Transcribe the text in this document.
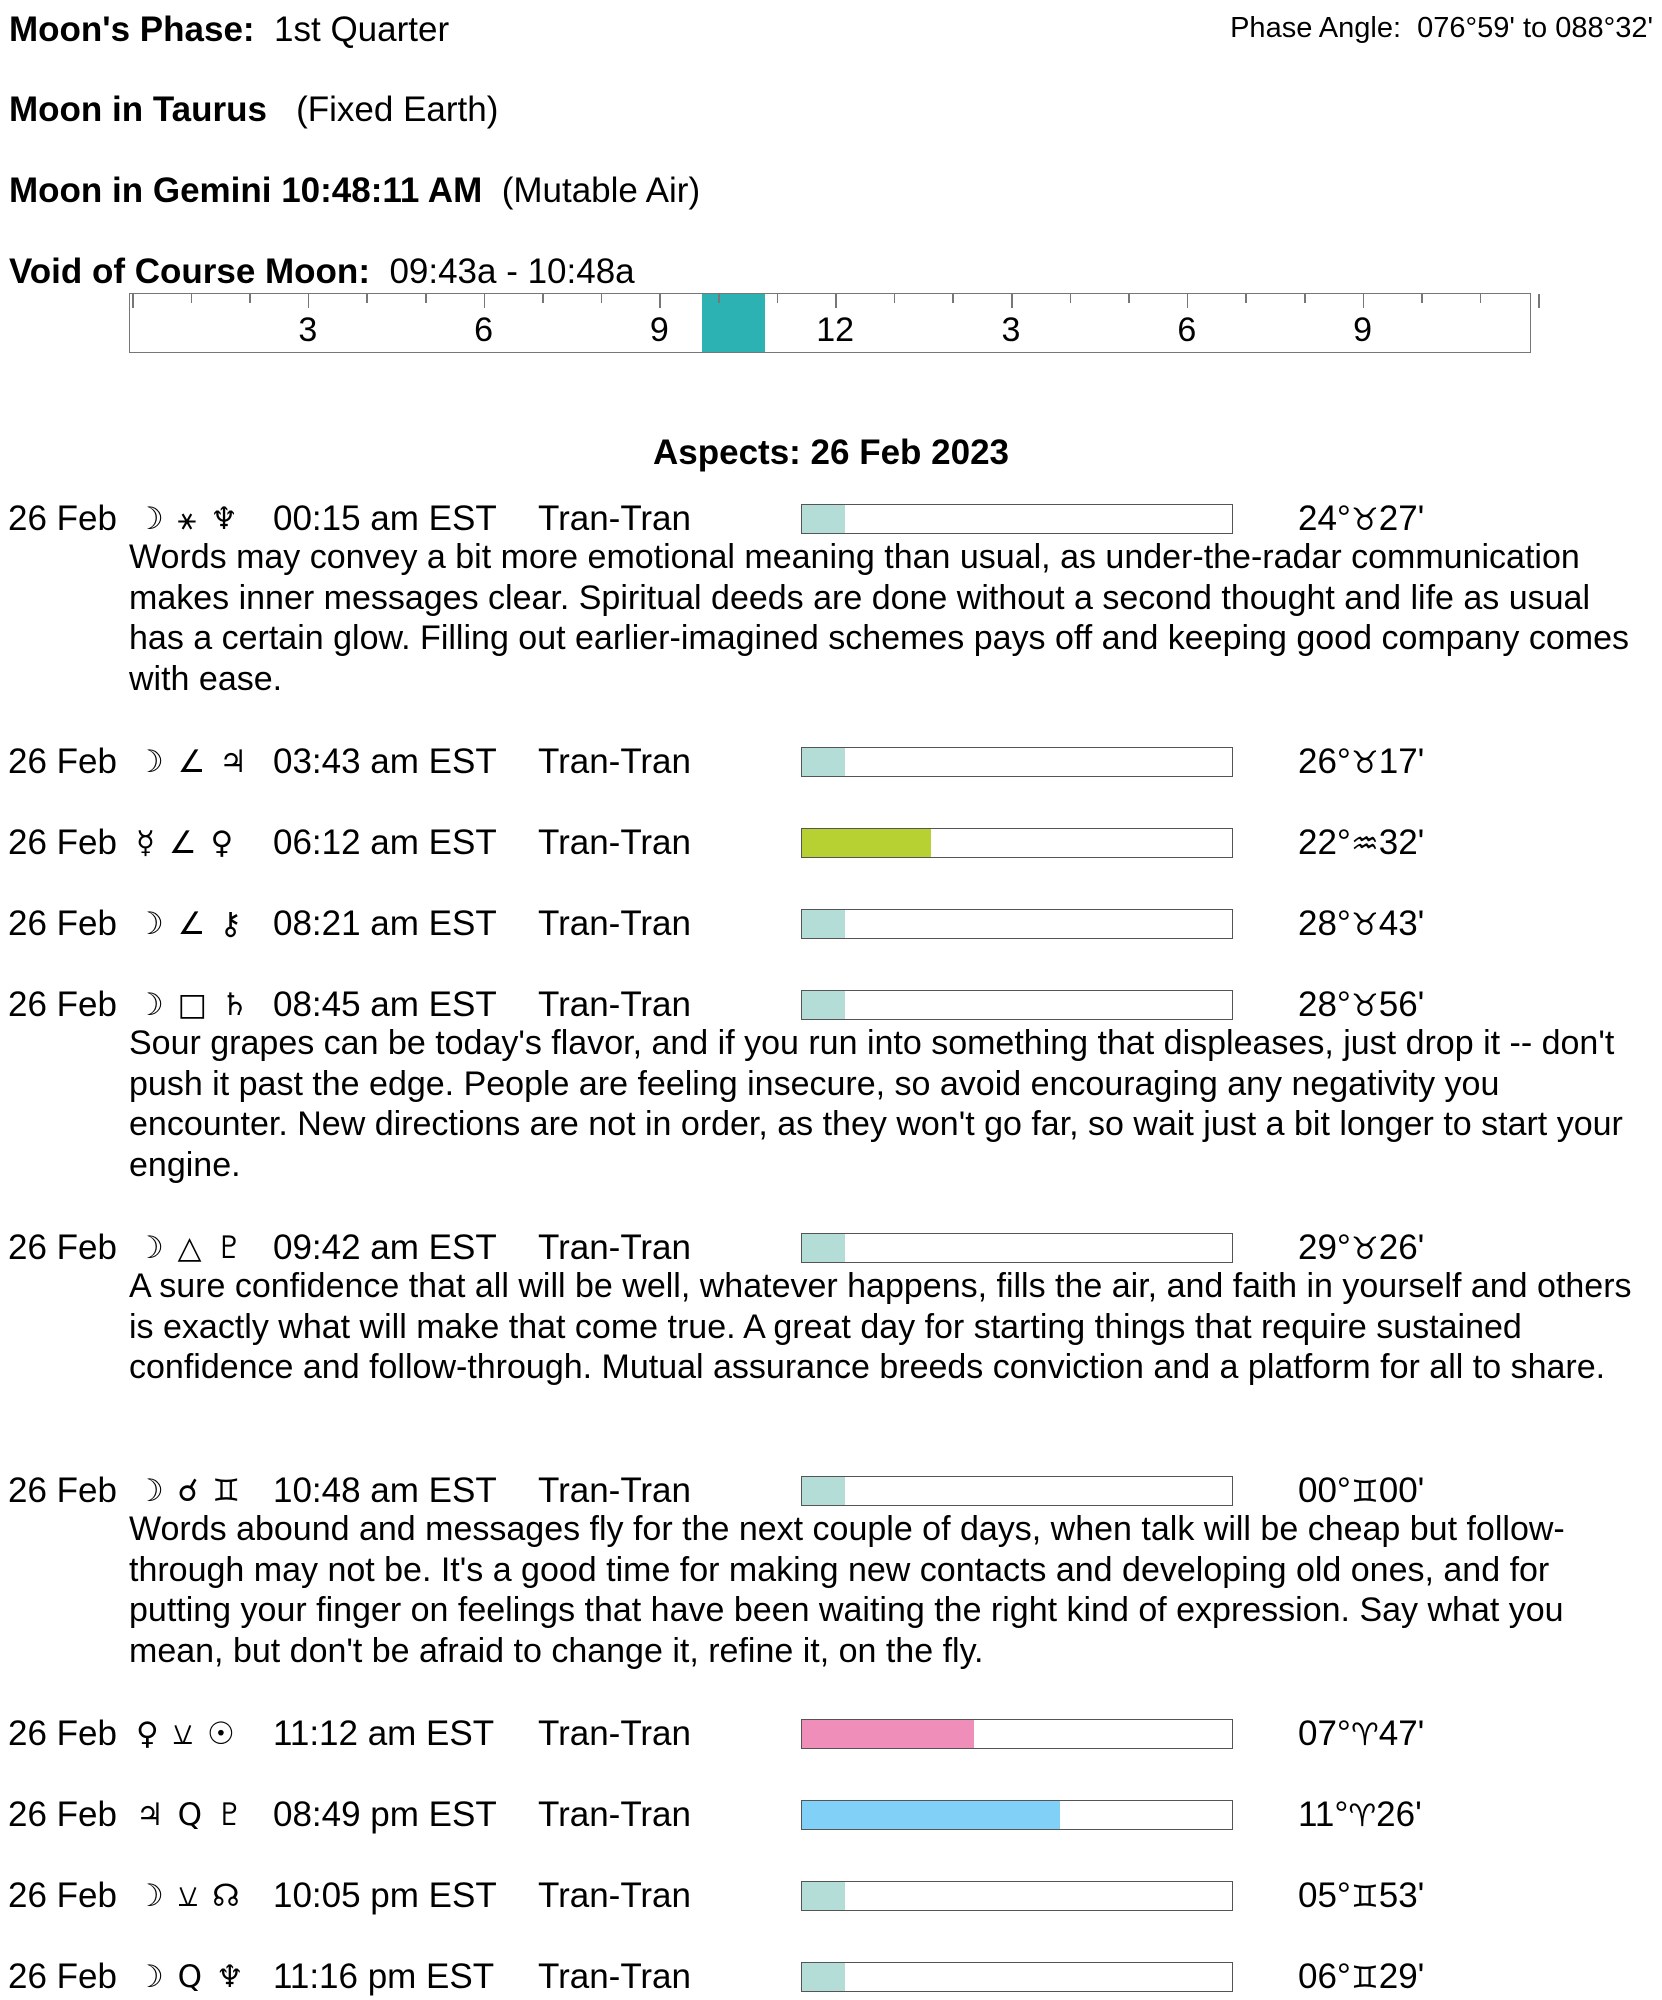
Moon's Phase: 1st Quarter	Phase Angle: 076°59' to 088°32'
Moon in Taurus (Fixed Earth)
Moon in Gemini 10:48:11 AM (Mutable Air)
Void of Course Moon: 09:43a - 10:48a
3	6	9	12	3	6	9
Aspects: 26 Feb 2023
26 Feb ☽ ⚹ ♆ 00:15 am EST Tran-Tran	24°♉27'
Words may convey a bit more emotional meaning than usual, as under-the-radar communication makes inner messages clear. Spiritual deeds are done without a second thought and life as usual has a certain glow. Filling out earlier-imagined schemes pays off and keeping good company comes with ease.
26 Feb ☽ ∠ ♃ 03:43 am EST Tran-Tran	26°♉17'
26 Feb ☿ ∠ ♀ 06:12 am EST Tran-Tran	22°♒32'
26 Feb ☽ ∠ ⚷ 08:21 am EST Tran-Tran	28°♉43'
26 Feb ☽ □ ♄ 08:45 am EST Tran-Tran	28°♉56'
Sour grapes can be today's flavor, and if you run into something that displeases, just drop it -- don't push it past the edge. People are feeling insecure, so avoid encouraging any negativity you encounter. New directions are not in order, as they won't go far, so wait just a bit longer to start your engine.
26 Feb ☽ △ ♇ 09:42 am EST Tran-Tran	29°♉26'
A sure confidence that all will be well, whatever happens, fills the air, and faith in yourself and others is exactly what will make that come true. A great day for starting things that require sustained confidence and follow-through. Mutual assurance breeds conviction and a platform for all to share.
26 Feb ☽ ☌ ♊ 10:48 am EST Tran-Tran	00°♊00'
Words abound and messages fly for the next couple of days, when talk will be cheap but follow-through may not be. It's a good time for making new contacts and developing old ones, and for putting your finger on feelings that have been waiting the right kind of expression. Say what you mean, but don't be afraid to change it, refine it, on the fly.
26 Feb ♀ ⚺ ☉ 11:12 am EST Tran-Tran	07°♈47'
26 Feb ♃ Q ♇ 08:49 pm EST Tran-Tran	11°♈26'
26 Feb ☽ ⚺ ☊ 10:05 pm EST Tran-Tran	05°♊53'
26 Feb ☽ Q ♆ 11:16 pm EST Tran-Tran	06°♊29'
